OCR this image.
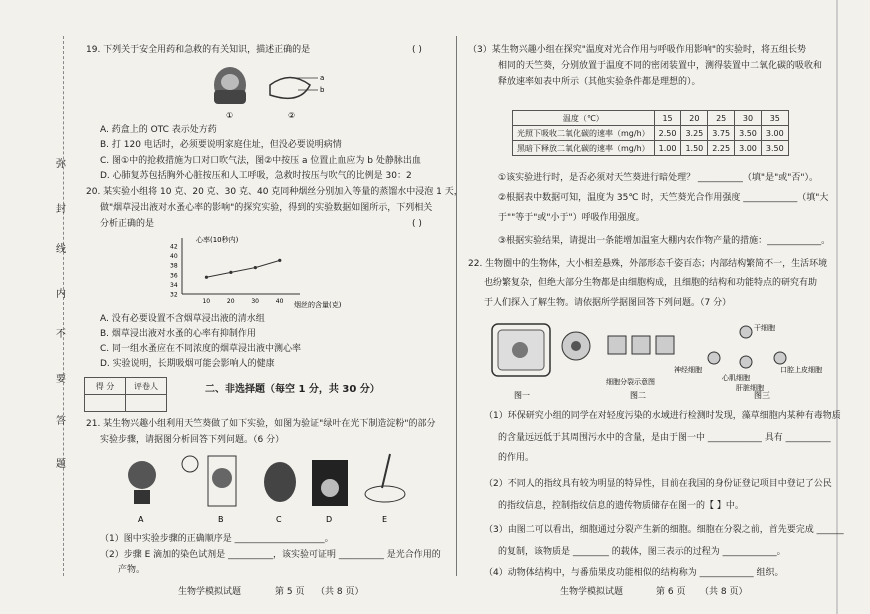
弥
封
线
内
不
要
答
题
19. 下列关于安全用药和急救的有关知识，描述正确的是	( )
a
b
①	②
A. 药盒上的 OTC 表示处方药
B. 打 120 电话时，必须要说明家庭住址，但没必要说明病情
C. 图①中的抢救措施为口对口吹气法，图②中按压 a 位置止血应为 b 处静脉出血
D. 心肺复苏包括胸外心脏按压和人工呼吸，急救时按压与吹气的比例是 30：2
20. 某实验小组将 10 克、20 克、30 克、40 克同种烟丝分别加入等量的蒸馏水中浸泡 1 天，
做"烟草浸出液对水蚤心率的影响"的探究实验，得到的实验数据如图所示，下列相关
分析正确的是	( )
心率(10秒内)
烟丝的含量(克)
32
34
36
38
40
42
10	20	30	40
A. 没有必要设置不含烟草浸出液的清水组
B. 烟草浸出液对水蚤的心率有抑制作用
C. 同一组水蚤应在不同浓度的烟草浸出液中测心率
D. 实验说明，长期吸烟可能会影响人的健康
得 分	评卷人
		二、非选择题（每空 1 分，共 30 分）
21. 某生物兴趣小组利用天竺葵做了如下实验，如图为验证"绿叶在光下制造淀粉"的部分
实验步骤，请据图分析回答下列问题。（6 分）
A	B	C	D	E
（1）图中实验步骤的正确顺序是 ____________________。
（2）步骤 E 滴加的染色试剂是 __________，该实验可证明 __________ 是光合作用的
产物。
生物学模拟试题	第 5 页 （共 8 页）
（3）某生物兴趣小组在探究"温度对光合作用与呼吸作用影响"的实验时，将五组长势
相同的天竺葵，分别放置于温度不同的密闭装置中，测得装置中二氧化碳的吸收和
释放速率如表中所示（其他实验条件都是理想的）。
温度（℃）	15	20	25	30	35
光照下吸收二氧化碳的速率（mg/h）	2.50	3.25	3.75	3.50	3.00
黑暗下释放二氧化碳的速率（mg/h）	1.00	1.50	2.25	3.00	3.50
①该实验进行时，是否必须对天竺葵进行暗处理？ __________（填"是"或"否"）。
②根据表中数据可知，温度为 35℃ 时，天竺葵光合作用强度 ____________（填"大
于""等于"或"小于"）呼吸作用强度。
③根据实验结果，请提出一条能增加温室大棚内农作物产量的措施：____________。
22. 生物圈中的生物体，大小相差悬殊，外部形态千姿百态；内部结构繁简不一，生活环境
也纷繁复杂，但绝大部分生物都是由细胞构成，且细胞的结构和功能特点的研究有助
于人们探入了解生物。请依据所学据图回答下列问题。（7 分）
细胞分裂示意图
干细胞
神经细胞
心肌细胞
肝脏细胞
口腔上皮细胞
图一	图二	图三
（1）环保研究小组的同学在对轻度污染的水域进行检测时发现，藻草细胞内某种有毒物质
的含量远远低于其周围污水中的含量，是由于图一中 ____________ 具有 __________
的作用。
（2）不同人的指纹具有较为明显的特异性，目前在我国的身份证登记项目中登记了公民
的指纹信息，控制指纹信息的遗传物质储存在图一的【 】中。
（3）由图二可以看出，细胞通过分裂产生新的细胞。细胞在分裂之前，首先要完成 ______
的复制，该物质是 ________ 的载体，图三表示的过程为 ____________。
（4）动物体结构中，与番茄果皮功能相似的结构称为 ____________ 组织。
生物学模拟试题	第 6 页 （共 8 页）
